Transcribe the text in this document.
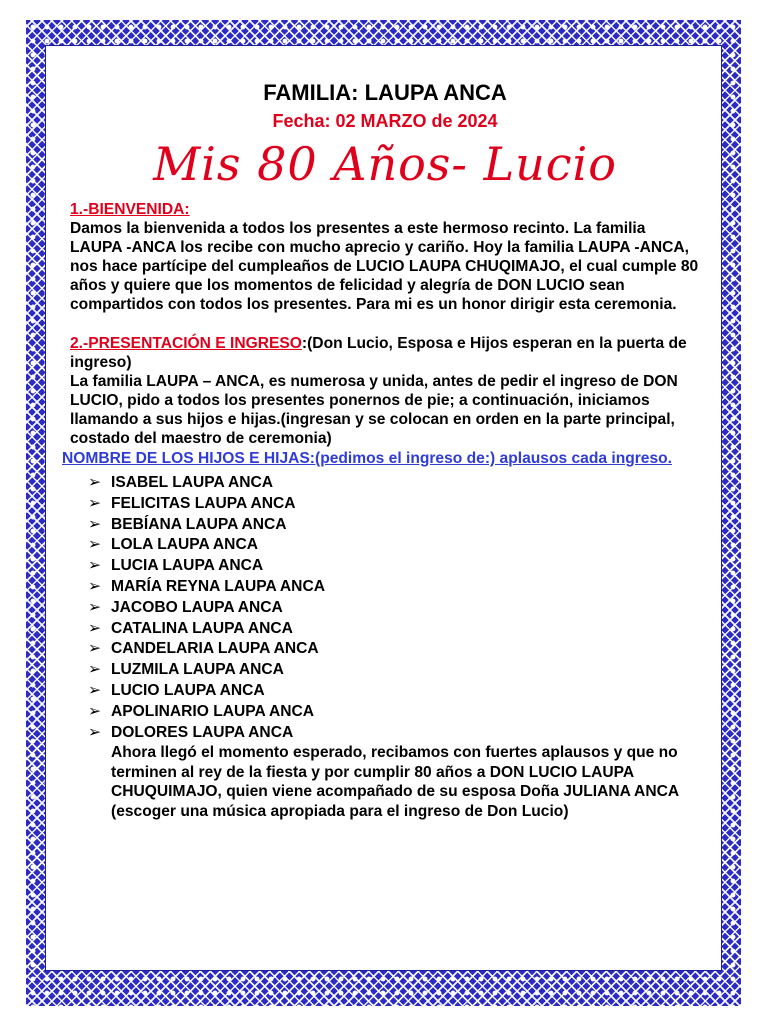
FAMILIA: LAUPA ANCA
Fecha: 02 MARZO de 2024
Mis 80 Años- Lucio
1.-BIENVENIDA:

Damos la bienvenida a todos los presentes a este hermoso recinto. La familia LAUPA -ANCA los recibe con mucho aprecio y cariño. Hoy la familia LAUPA -ANCA, nos hace partícipe del cumpleaños de LUCIO LAUPA CHUQIMAJO, el cual cumple 80 años y quiere que los momentos de felicidad y alegría de DON LUCIO sean compartidos con todos los presentes. Para mi es un honor dirigir esta ceremonia.

2.-PRESENTACIÓN E INGRESO:(Don Lucio, Esposa e Hijos esperan en la puerta de ingreso)

La familia LAUPA – ANCA, es numerosa y unida, antes de pedir el ingreso de DON LUCIO, pido a todos los presentes ponernos de pie; a continuación, iniciamos llamando a sus hijos e hijas.(ingresan y se colocan en orden en la parte principal, costado del maestro de ceremonia)

NOMBRE DE LOS HIJOS E HIJAS:(pedimos el ingreso de:) aplausos cada ingreso.
➢ ISABEL LAUPA ANCA
➢ FELICITAS LAUPA ANCA
➢ BEBÍANA LAUPA ANCA
➢ LOLA LAUPA ANCA
➢ LUCIA LAUPA ANCA
➢ MARÍA REYNA LAUPA ANCA
➢ JACOBO LAUPA ANCA
➢ CATALINA LAUPA ANCA
➢ CANDELARIA LAUPA ANCA
➢ LUZMILA LAUPA ANCA
➢ LUCIO LAUPA ANCA
➢ APOLINARIO LAUPA ANCA
➢ DOLORES LAUPA ANCA

Ahora llegó el momento esperado, recibamos con fuertes aplausos y que no terminen al rey de la fiesta y por cumplir 80 años a DON LUCIO LAUPA CHUQUIMAJO, quien viene acompañado de su esposa Doña JULIANA ANCA (escoger una música apropiada para el ingreso de Don Lucio)
